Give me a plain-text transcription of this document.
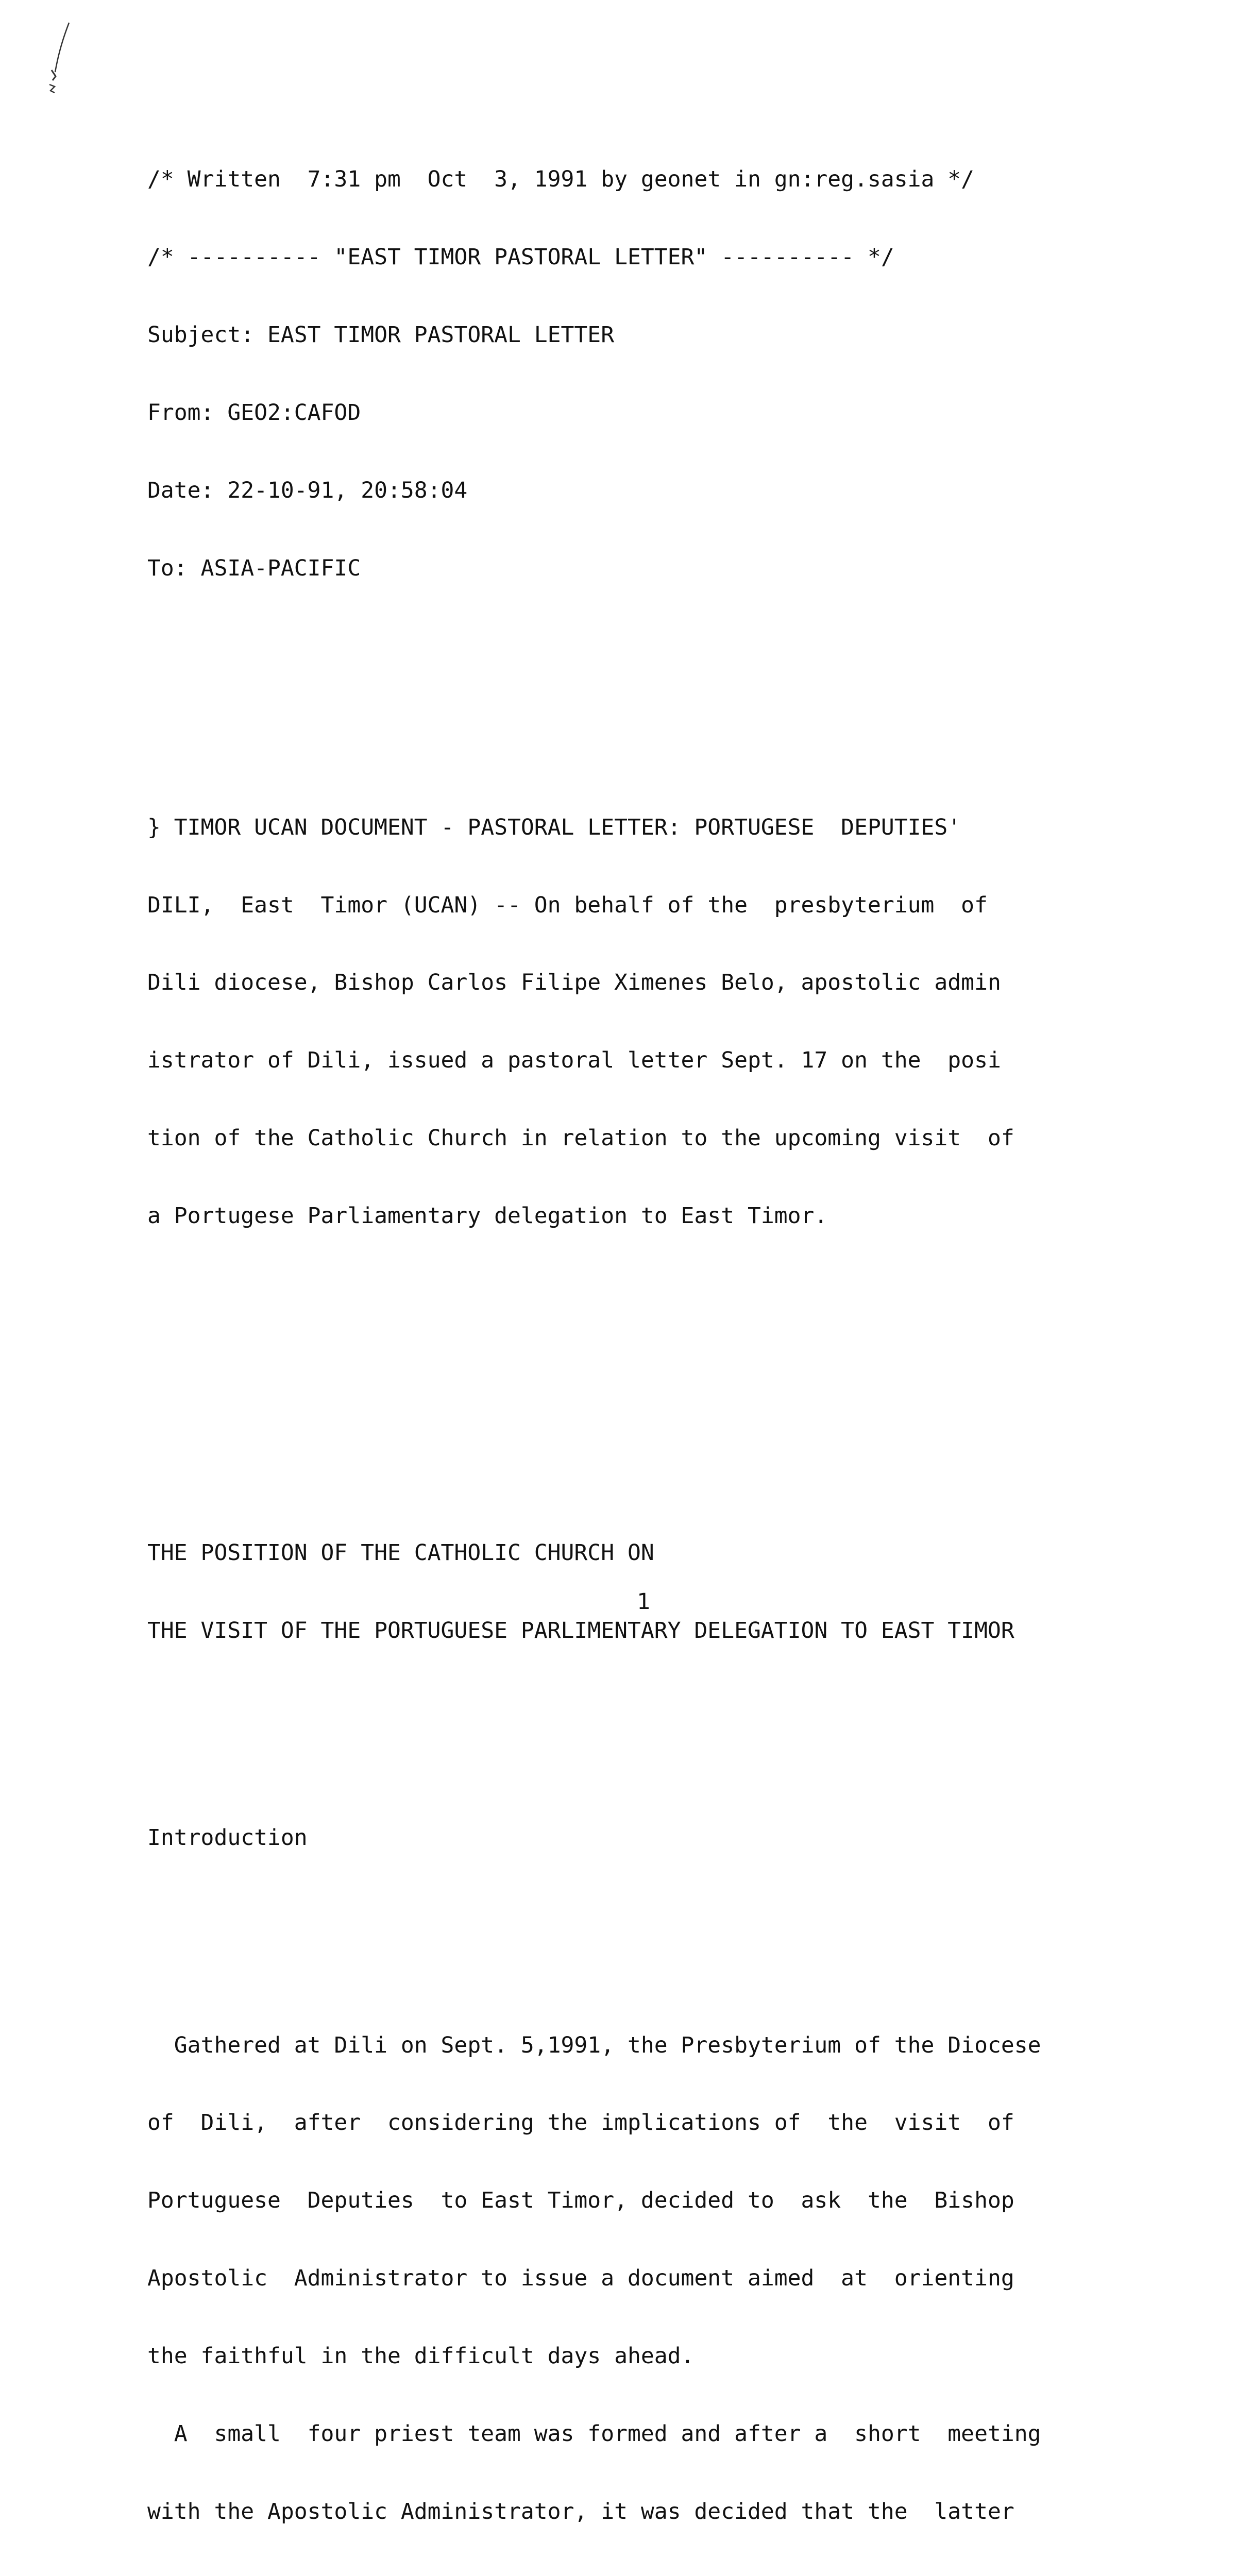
/* Written  7:31 pm  Oct  3, 1991 by geonet in gn:reg.sasia */

/* ---------- "EAST TIMOR PASTORAL LETTER" ---------- */

Subject: EAST TIMOR PASTORAL LETTER

From: GEO2:CAFOD

Date: 22-10-91, 20:58:04

To: ASIA-PACIFIC

} TIMOR UCAN DOCUMENT - PASTORAL LETTER: PORTUGESE  DEPUTIES'

DILI,  East  Timor (UCAN) -- On behalf of the  presbyterium  of

Dili diocese, Bishop Carlos Filipe Ximenes Belo, apostolic admin

istrator of Dili, issued a pastoral letter Sept. 17 on the  posi

tion of the Catholic Church in relation to the upcoming visit  of

a Portugese Parliamentary delegation to East Timor.

THE POSITION OF THE CATHOLIC CHURCH ON

THE VISIT OF THE PORTUGUESE PARLIMENTARY DELEGATION TO EAST TIMOR

Introduction

Gathered at Dili on Sept. 5,1991, the Presbyterium of the Diocese

of  Dili,  after  considering the implications of  the  visit  of

Portuguese  Deputies  to East Timor, decided to  ask  the  Bishop

Apostolic  Administrator to issue a document aimed  at  orienting

the faithful in the difficult days ahead.

A  small  four priest team was formed and after a  short  meeting

with the Apostolic Administrator, it was decided that the  latter

1
